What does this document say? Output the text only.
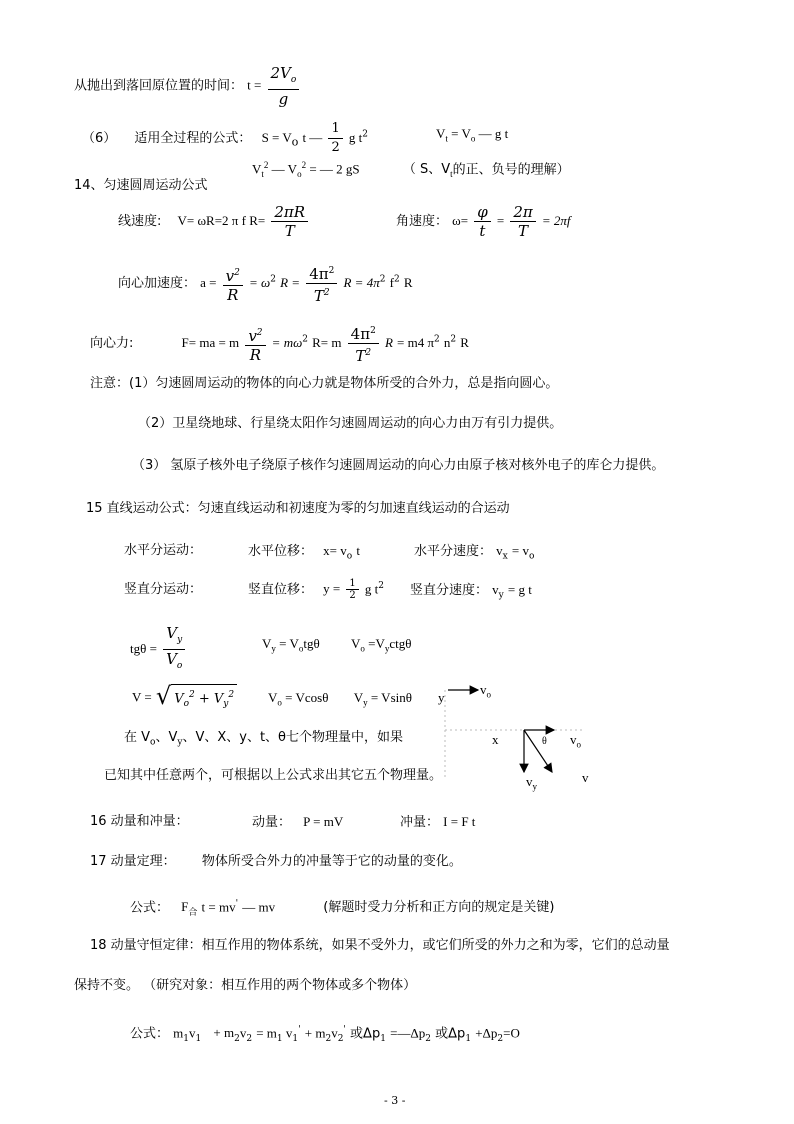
从抛出到落回原位置的时间： $t = \frac{2V_o}{g}$
（6） 适用全过程的公式： $S = V_o$ t — $\frac{1}{2}$ g $t^2$	$V_t = V_o$ — g t
$V_t^2$ — $V_o^2$ = — 2 gS	（ S、$V_t$的正、负号的理解）
14、匀速圆周运动公式
线速度: V= ωR=2 π f $R= \frac{2\pi R}{T}$	角速度： $\omega= \frac{\varphi}{t} = \frac{2\pi}{T} = 2\pi f$
向心加速度： $a = \frac{v^2}{R} = \omega^2$ $R = \frac{4\pi^2}{T^2}$ $R = 4\pi^2$ $f^2$ R
向心力:	F= ma = m $\frac{v^2}{R} = m\omega^2$ R= m $\frac{4\pi^2}{T^2}$ R = m4 $\pi^2$ $n^2$ R
注意：(1）匀速圆周运动的物体的向心力就是物体所受的合外力，总是指向圆心。
（2）卫星绕地球、行星绕太阳作匀速圆周运动的向心力由万有引力提供。
（3） 氢原子核外电子绕原子核作匀速圆周运动的向心力由原子核对核外电子的库仑力提供。
15 直线运动公式：匀速直线运动和初速度为零的匀加速直线运动的合运动
水平分运动：	水平位移： $x= v_o$ t	水平分速度： $v_x = v_o$
竖直分运动：	竖直位移： $y = \frac{1}{2}$ g $t^2$ 竖直分速度： $v_y = g$ t
$tg\theta = \frac{V_y}{V_o}$	$V_y = V_otg\theta$ $V_o =V_yctg\theta$
V = √ $V_o^2 + V_y^2$	$V_o = Vcos\theta$ $V_y = Vsin\theta$ y
$v_o$
x	θ $v_o$
$v_y$
v
在 $V_o$、$V_y$、V、X、y、t、θ七个物理量中，如果
已知其中任意两个，可根据以上公式求出其它五个物理量。
16 动量和冲量：	动量： P = mV	冲量： I = F t
17 动量定理： 物体所受合外力的冲量等于它的动量的变化。
公式： $F_合$ t = mv' — mv	(解题时受力分析和正方向的规定是关键)
18 动量守恒定律：相互作用的物体系统，如果不受外力，或它们所受的外力之和为零，它们的总动量
保持不变。 （研究对象：相互作用的两个物体或多个物体）
公式： $m_1v_1 + m_2v_2 = m_1$ $v_1' + m_2v_2'$ 或$\Delta p_1$ $=—\Delta p_2$ 或$\Delta p_1 +\Delta p_2=O$
- 3 -
